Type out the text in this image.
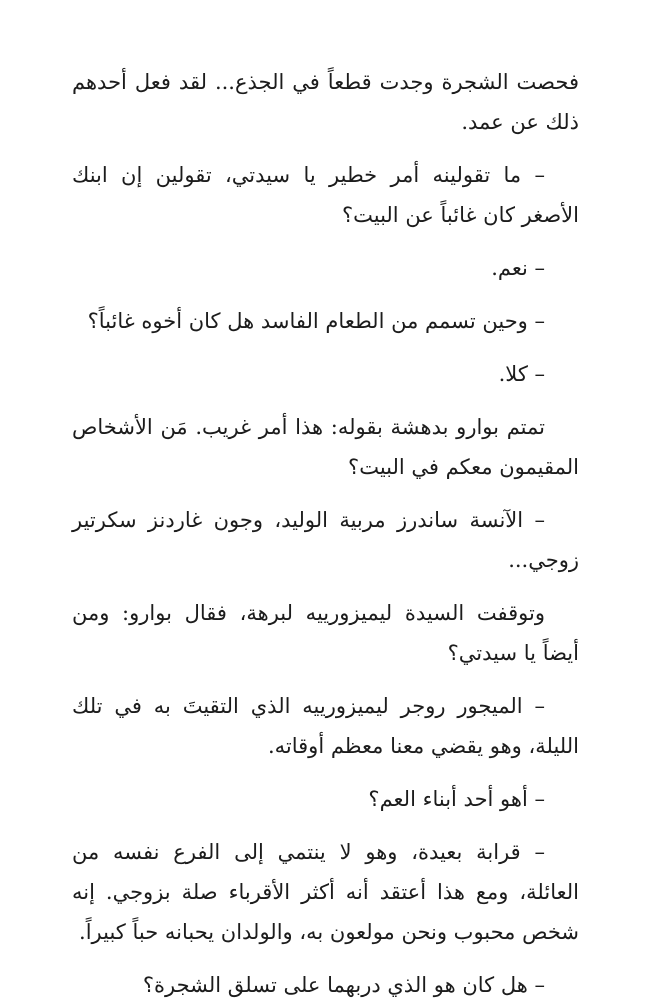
فحصت الشجرة وجدت قطعاً في الجذع... لقد فعل أحدهم ذلك عن عمد.

– ما تقولينه أمر خطير يا سيدتي، تقولين إن ابنك الأصغر كان غائباً عن البيت؟

– نعم.

– وحين تسمم من الطعام الفاسد هل كان أخوه غائباً؟

– كلا.

تمتم بوارو بدهشة بقوله: هذا أمر غريب. مَن الأشخاص المقيمون معكم في البيت؟

– الآنسة ساندرز مربية الوليد، وجون غاردنز سكرتير زوجي...

وتوقفت السيدة ليميزورييه لبرهة، فقال بوارو: ومن أيضاً يا سيدتي؟

– الميجور روجر ليميزورييه الذي التقيتَ به في تلك الليلة، وهو يقضي معنا معظم أوقاته.

– أهو أحد أبناء العم؟

– قرابة بعيدة، وهو لا ينتمي إلى الفرع نفسه من العائلة، ومع هذا أعتقد أنه أكثر الأقرباء صلة بزوجي. إنه شخص محبوب ونحن مولعون به، والولدان يحبانه حباً كبيراً.

– هل كان هو الذي دربهما على تسلق الشجرة؟
